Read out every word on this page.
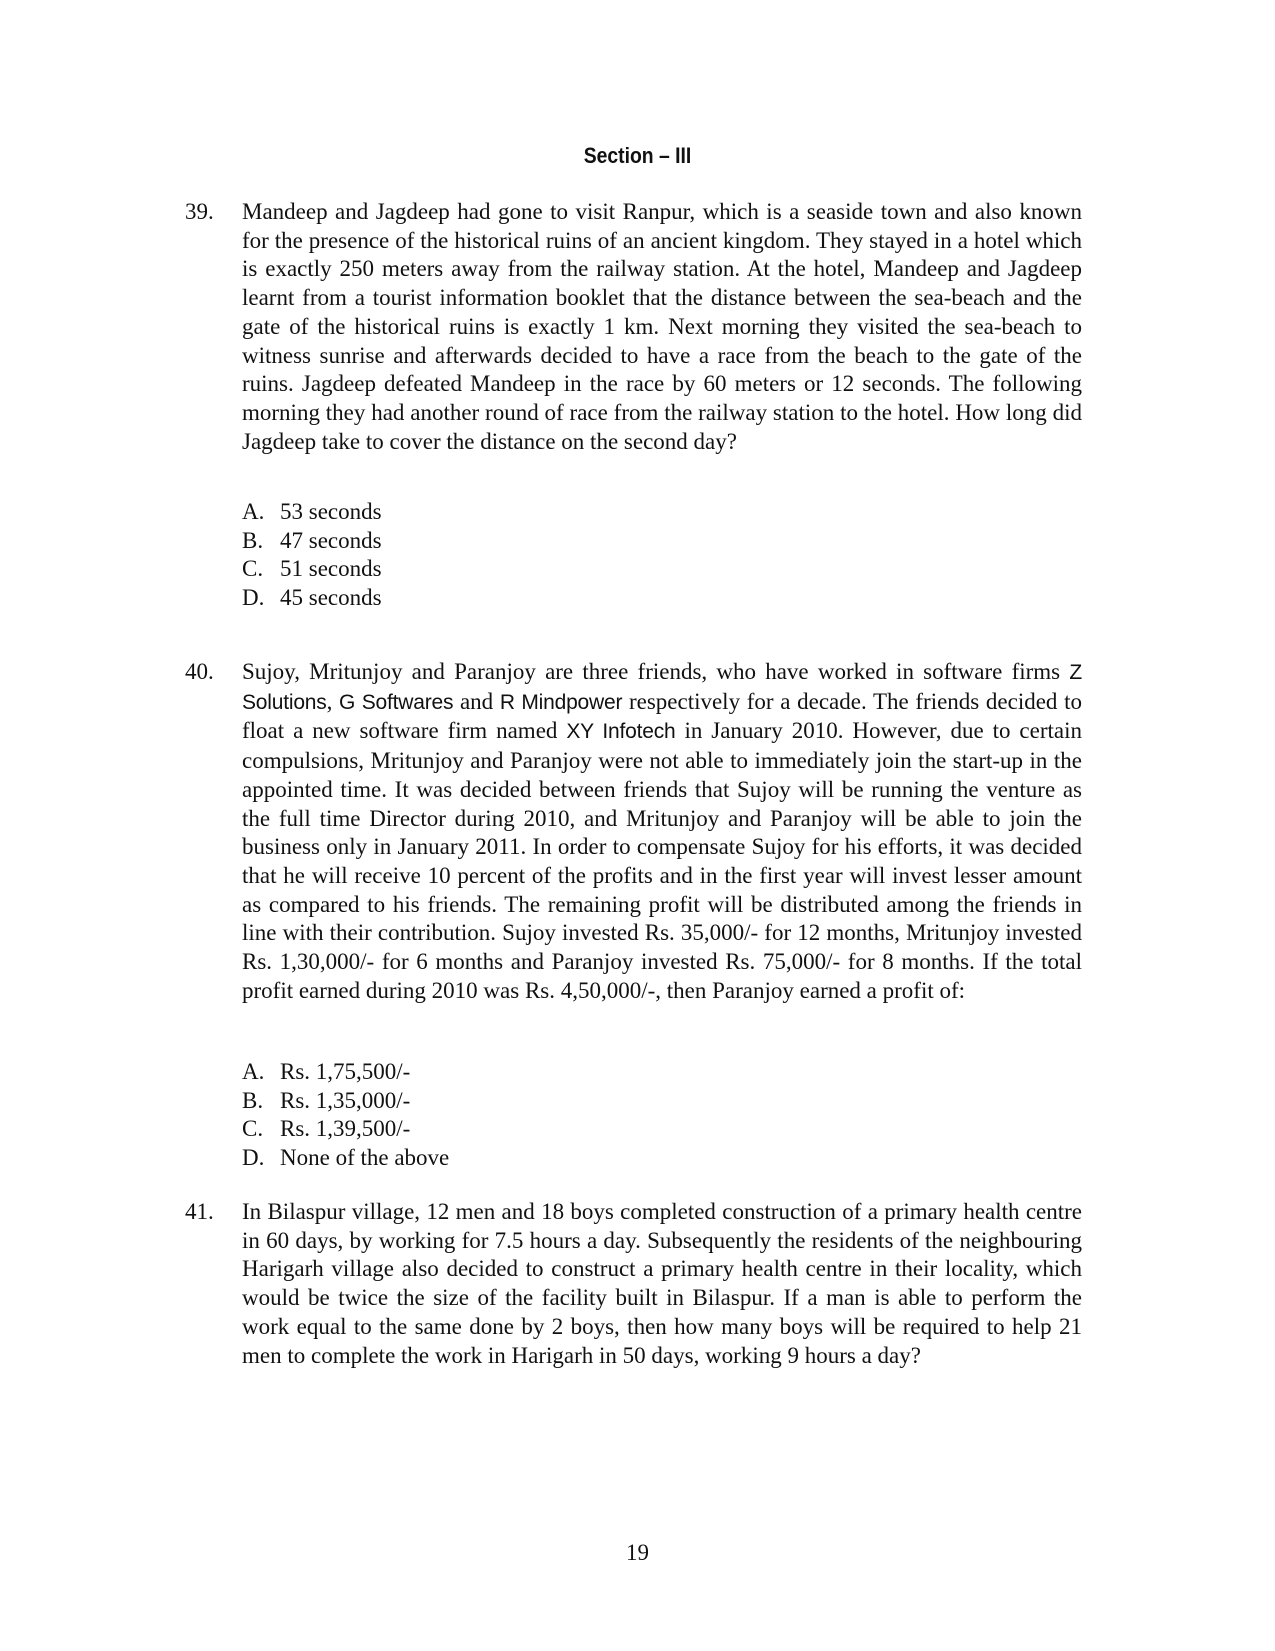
Section – III
39. Mandeep and Jagdeep had gone to visit Ranpur, which is a seaside town and also known for the presence of the historical ruins of an ancient kingdom. They stayed in a hotel which is exactly 250 meters away from the railway station. At the hotel, Mandeep and Jagdeep learnt from a tourist information booklet that the distance between the sea-beach and the gate of the historical ruins is exactly 1 km. Next morning they visited the sea-beach to witness sunrise and afterwards decided to have a race from the beach to the gate of the ruins. Jagdeep defeated Mandeep in the race by 60 meters or 12 seconds. The following morning they had another round of race from the railway station to the hotel. How long did Jagdeep take to cover the distance on the second day?

A. 53 seconds
B. 47 seconds
C. 51 seconds
D. 45 seconds
40. Sujoy, Mritunjoy and Paranjoy are three friends, who have worked in software firms Z Solutions, G Softwares and R Mindpower respectively for a decade. The friends decided to float a new software firm named XY Infotech in January 2010. However, due to certain compulsions, Mritunjoy and Paranjoy were not able to immediately join the start-up in the appointed time. It was decided between friends that Sujoy will be running the venture as the full time Director during 2010, and Mritunjoy and Paranjoy will be able to join the business only in January 2011. In order to compensate Sujoy for his efforts, it was decided that he will receive 10 percent of the profits and in the first year will invest lesser amount as compared to his friends. The remaining profit will be distributed among the friends in line with their contribution. Sujoy invested Rs. 35,000/- for 12 months, Mritunjoy invested Rs. 1,30,000/- for 6 months and Paranjoy invested Rs. 75,000/- for 8 months. If the total profit earned during 2010 was Rs. 4,50,000/-, then Paranjoy earned a profit of:

A. Rs. 1,75,500/-
B. Rs. 1,35,000/-
C. Rs. 1,39,500/-
D. None of the above
41. In Bilaspur village, 12 men and 18 boys completed construction of a primary health centre in 60 days, by working for 7.5 hours a day. Subsequently the residents of the neighbouring Harigarh village also decided to construct a primary health centre in their locality, which would be twice the size of the facility built in Bilaspur. If a man is able to perform the work equal to the same done by 2 boys, then how many boys will be required to help 21 men to complete the work in Harigarh in 50 days, working 9 hours a day?

19
